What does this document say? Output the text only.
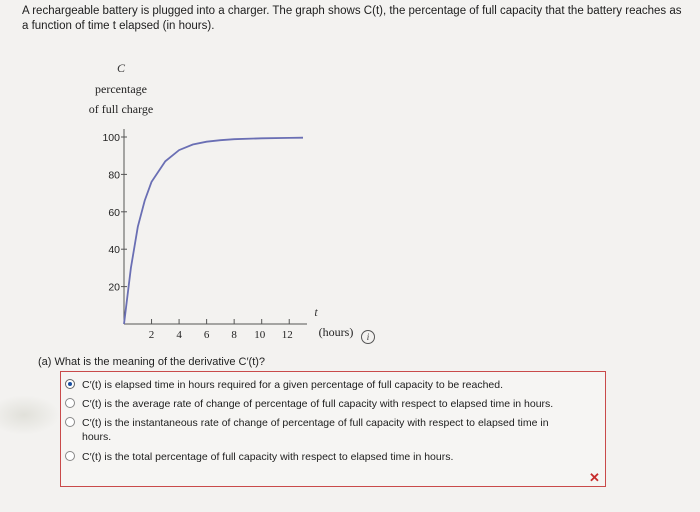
A rechargeable battery is plugged into a charger. The graph shows C(t), the percentage of full capacity that the battery reaches as a function of time t elapsed (in hours).
C
percentage
of full charge
t
(hours)
2 4 6 8 10 12
100
80
60
40
20
i
(a) What is the meaning of the derivative C′(t)?
C′(t) is elapsed time in hours required for a given percentage of full capacity to be reached.
C′(t) is the average rate of change of percentage of full capacity with respect to elapsed time in hours.
C′(t) is the instantaneous rate of change of percentage of full capacity with respect to elapsed time in
hours.
C′(t) is the total percentage of full capacity with respect to elapsed time in hours.
✕
